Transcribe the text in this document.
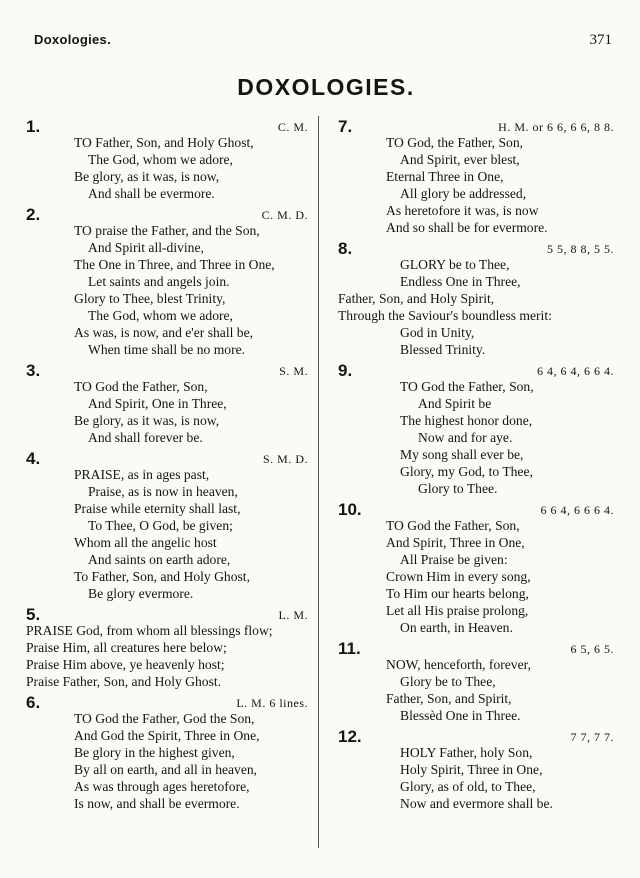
Doxologies.	371
DOXOLOGIES.
1.	C. M.
TO Father, Son, and Holy Ghost,
The God, whom we adore,
Be glory, as it was, is now,
And shall be evermore.
2.	C. M. D.
TO praise the Father, and the Son,
And Spirit all-divine,
The One in Three, and Three in One,
Let saints and angels join.
Glory to Thee, blest Trinity,
The God, whom we adore,
As was, is now, and e'er shall be,
When time shall be no more.
3.	S. M.
TO God the Father, Son,
And Spirit, One in Three,
Be glory, as it was, is now,
And shall forever be.
4.	S. M. D.
PRAISE, as in ages past,
Praise, as is now in heaven,
Praise while eternity shall last,
To Thee, O God, be given;
Whom all the angelic host
And saints on earth adore,
To Father, Son, and Holy Ghost,
Be glory evermore.
5.	L. M.
PRAISE God, from whom all blessings flow;
Praise Him, all creatures here below;
Praise Him above, ye heavenly host;
Praise Father, Son, and Holy Ghost.
6.	L. M. 6 lines.
TO God the Father, God the Son,
And God the Spirit, Three in One,
Be glory in the highest given,
By all on earth, and all in heaven,
As was through ages heretofore,
Is now, and shall be evermore.
7.	H. M. or 6 6, 6 6, 8 8.
TO God, the Father, Son,
And Spirit, ever blest,
Eternal Three in One,
All glory be addressed,
As heretofore it was, is now
And so shall be for evermore.
8.	5 5, 8 8, 5 5.
GLORY be to Thee,
Endless One in Three,
Father, Son, and Holy Spirit,
Through the Saviour's boundless merit:
God in Unity,
Blessed Trinity.
9.	6 4, 6 4, 6 6 4.
TO God the Father, Son,
And Spirit be
The highest honor done,
Now and for aye.
My song shall ever be,
Glory, my God, to Thee,
Glory to Thee.
10.	6 6 4, 6 6 6 4.
TO God the Father, Son,
And Spirit, Three in One,
All Praise be given:
Crown Him in every song,
To Him our hearts belong,
Let all His praise prolong,
On earth, in Heaven.
11.	6 5, 6 5.
NOW, henceforth, forever,
Glory be to Thee,
Father, Son, and Spirit,
Blessèd One in Three.
12.	7 7, 7 7.
HOLY Father, holy Son,
Holy Spirit, Three in One,
Glory, as of old, to Thee,
Now and evermore shall be.
